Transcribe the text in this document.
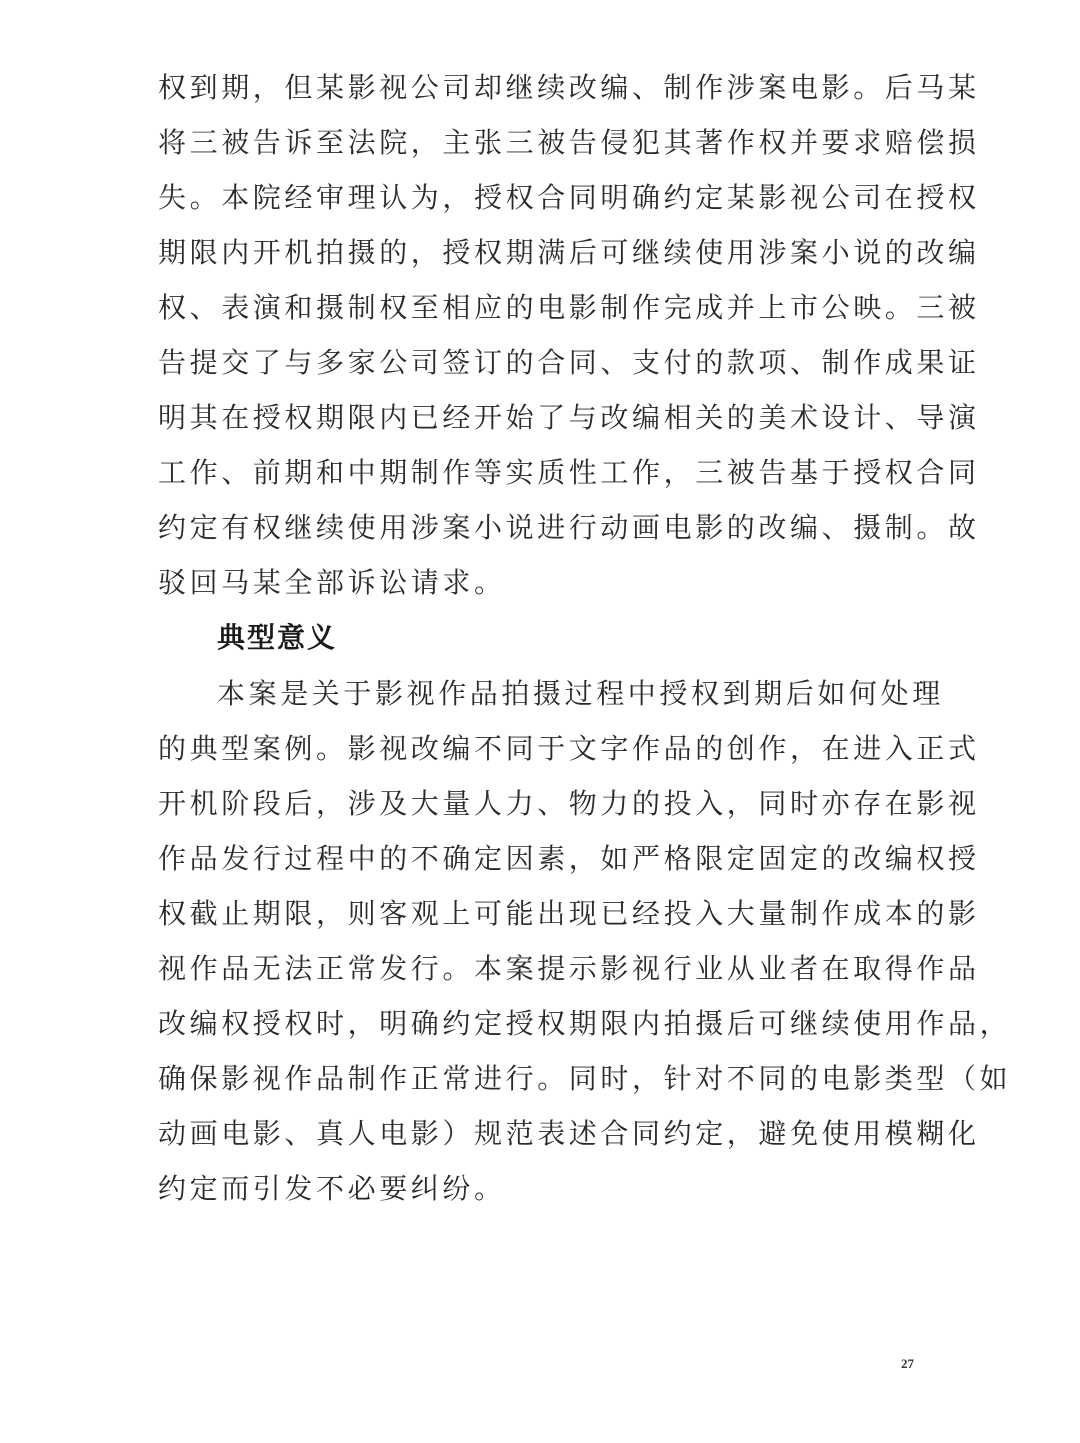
权到期，但某影视公司却继续改编、制作涉案电影。后马某
将三被告诉至法院，主张三被告侵犯其著作权并要求赔偿损
失。本院经审理认为，授权合同明确约定某影视公司在授权
期限内开机拍摄的，授权期满后可继续使用涉案小说的改编
权、表演和摄制权至相应的电影制作完成并上市公映。三被
告提交了与多家公司签订的合同、支付的款项、制作成果证
明其在授权期限内已经开始了与改编相关的美术设计、导演
工作、前期和中期制作等实质性工作，三被告基于授权合同
约定有权继续使用涉案小说进行动画电影的改编、摄制。故
驳回马某全部诉讼请求。
典型意义
本案是关于影视作品拍摄过程中授权到期后如何处理
的典型案例。影视改编不同于文字作品的创作，在进入正式
开机阶段后，涉及大量人力、物力的投入，同时亦存在影视
作品发行过程中的不确定因素，如严格限定固定的改编权授
权截止期限，则客观上可能出现已经投入大量制作成本的影
视作品无法正常发行。本案提示影视行业从业者在取得作品
改编权授权时，明确约定授权期限内拍摄后可继续使用作品，
确保影视作品制作正常进行。同时，针对不同的电影类型（如
动画电影、真人电影）规范表述合同约定，避免使用模糊化
约定而引发不必要纠纷。
27
